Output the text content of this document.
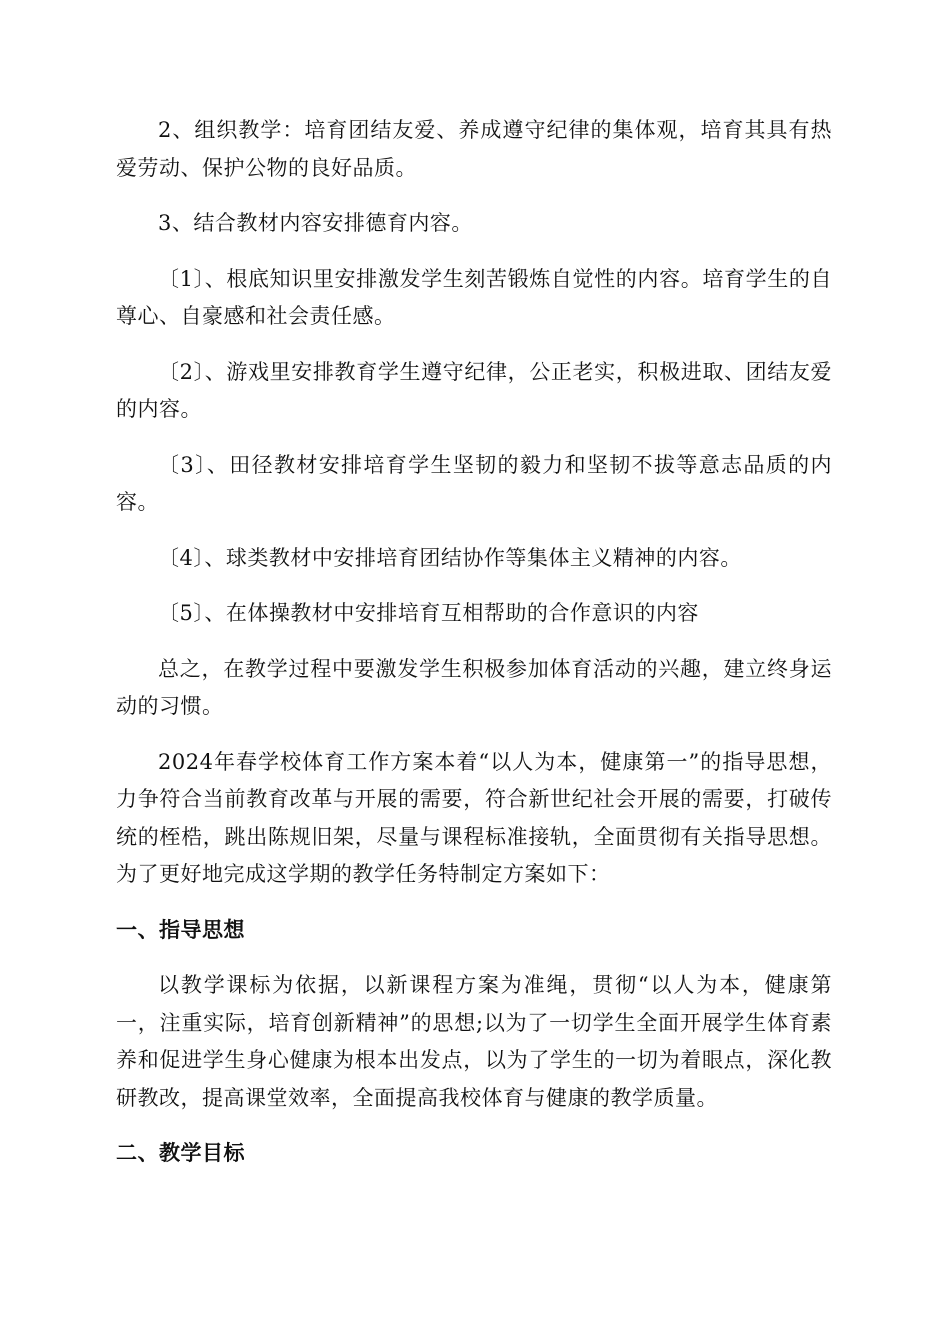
2、组织教学：培育团结友爱、养成遵守纪律的集体观，培育其具有热爱劳动、保护公物的良好品质。

3、结合教材内容安排德育内容。

〔1〕、根底知识里安排激发学生刻苦锻炼自觉性的内容。培育学生的自尊心、自豪感和社会责任感。

〔2〕、游戏里安排教育学生遵守纪律，公正老实，积极进取、团结友爱的内容。

〔3〕、田径教材安排培育学生坚韧的毅力和坚韧不拔等意志品质的内容。

〔4〕、球类教材中安排培育团结协作等集体主义精神的内容。

〔5〕、在体操教材中安排培育互相帮助的合作意识的内容

总之，在教学过程中要激发学生积极参加体育活动的兴趣，建立终身运动的习惯。

2024年春学校体育工作方案本着“以人为本，健康第一”的指导思想，力争符合当前教育改革与开展的需要，符合新世纪社会开展的需要，打破传统的桎梏，跳出陈规旧架，尽量与课程标准接轨，全面贯彻有关指导思想。为了更好地完成这学期的教学任务特制定方案如下：

一、指导思想

以教学课标为依据，以新课程方案为准绳，贯彻“以人为本，健康第一，注重实际，培育创新精神”的思想;以为了一切学生全面开展学生体育素养和促进学生身心健康为根本出发点，以为了学生的一切为着眼点，深化教研教改，提高课堂效率，全面提高我校体育与健康的教学质量。

二、教学目标
